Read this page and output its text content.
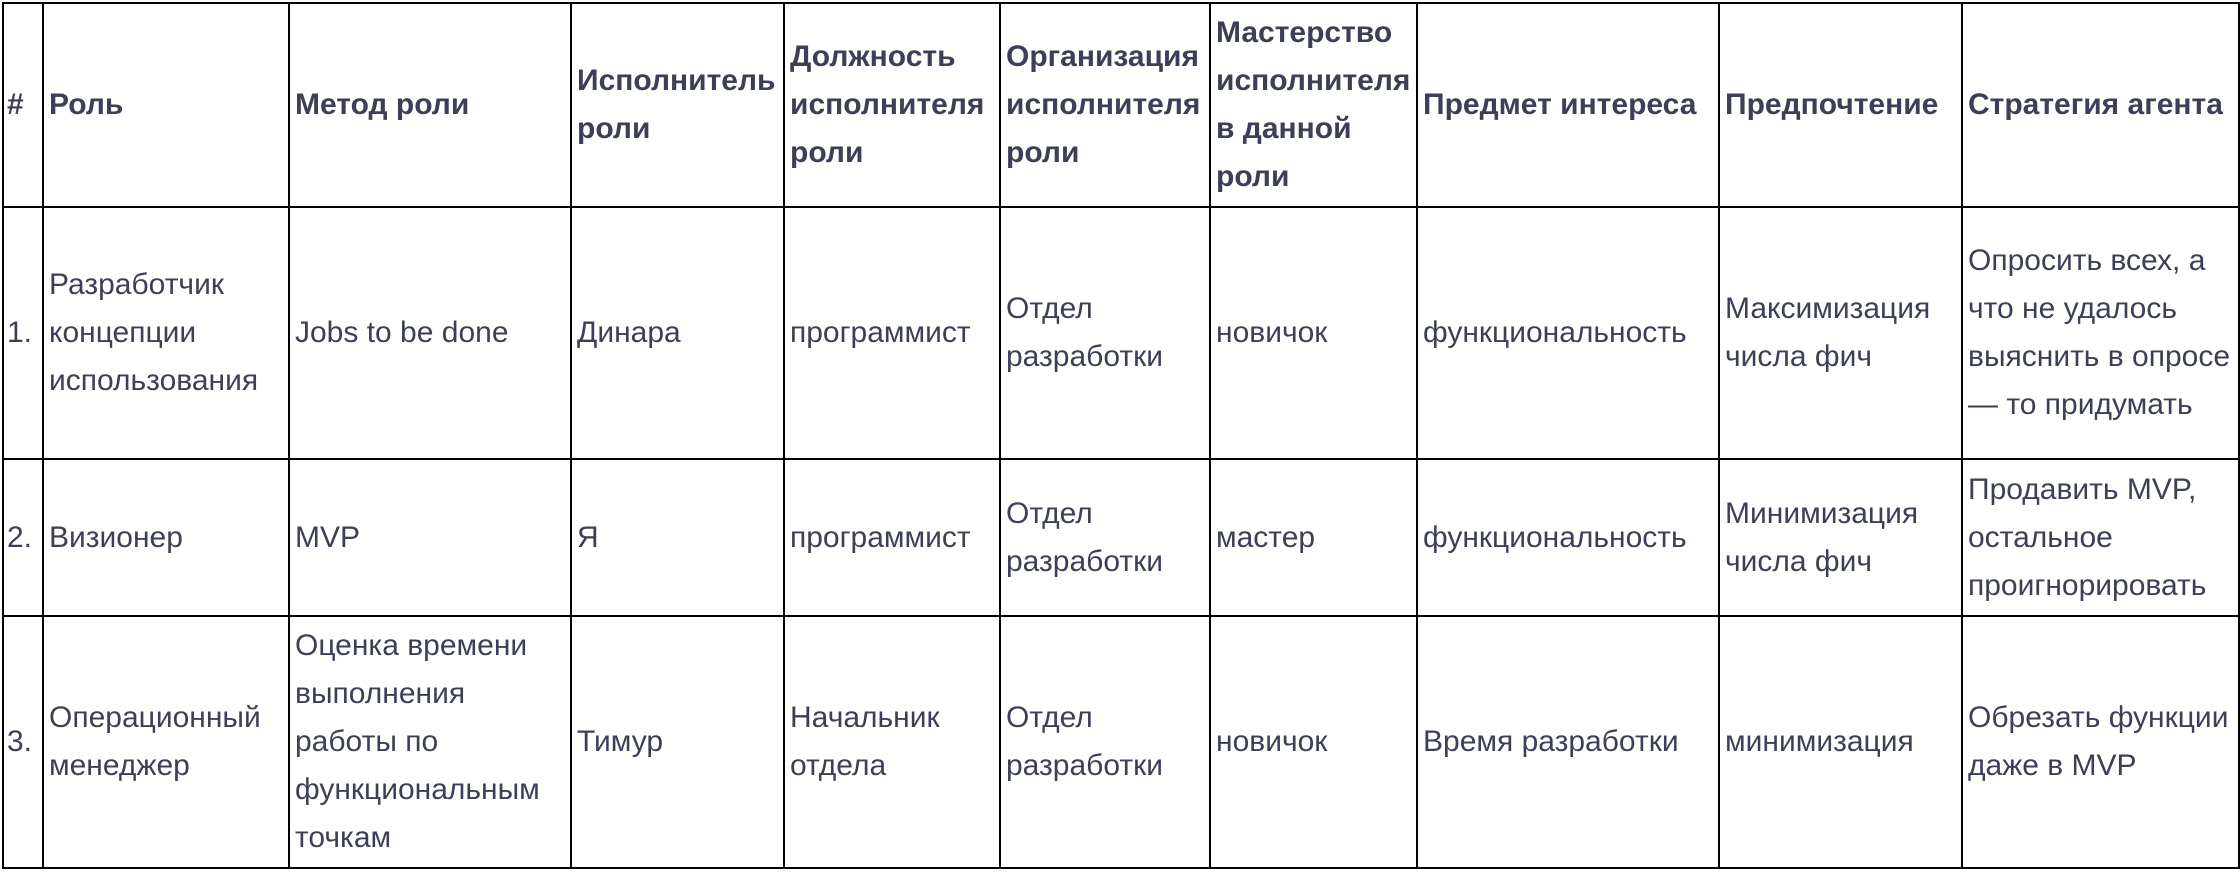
#	Роль	Метод роли	Исполнитель роли	Должность исполнителя роли	Организация исполнителя роли	Мастерство исполнителя в данной роли	Предмет интереса	Предпочтение	Стратегия агента
1.	Разработчик концепции использования	Jobs to be done	Динара	программист	Отдел разработки	новичок	функциональность	Максимизация числа фич	Опросить всех, а что не удалось выяснить в опросе — то придумать
2.	Визионер	MVP	Я	программист	Отдел разработки	мастер	функциональность	Минимизация числа фич	Продавить MVP, остальное проигнорировать
3.	Операционный менеджер	Оценка времени выполнения работы по функциональным точкам	Тимур	Начальник отдела	Отдел разработки	новичок	Время разработки	минимизация	Обрезать функции даже в MVP
